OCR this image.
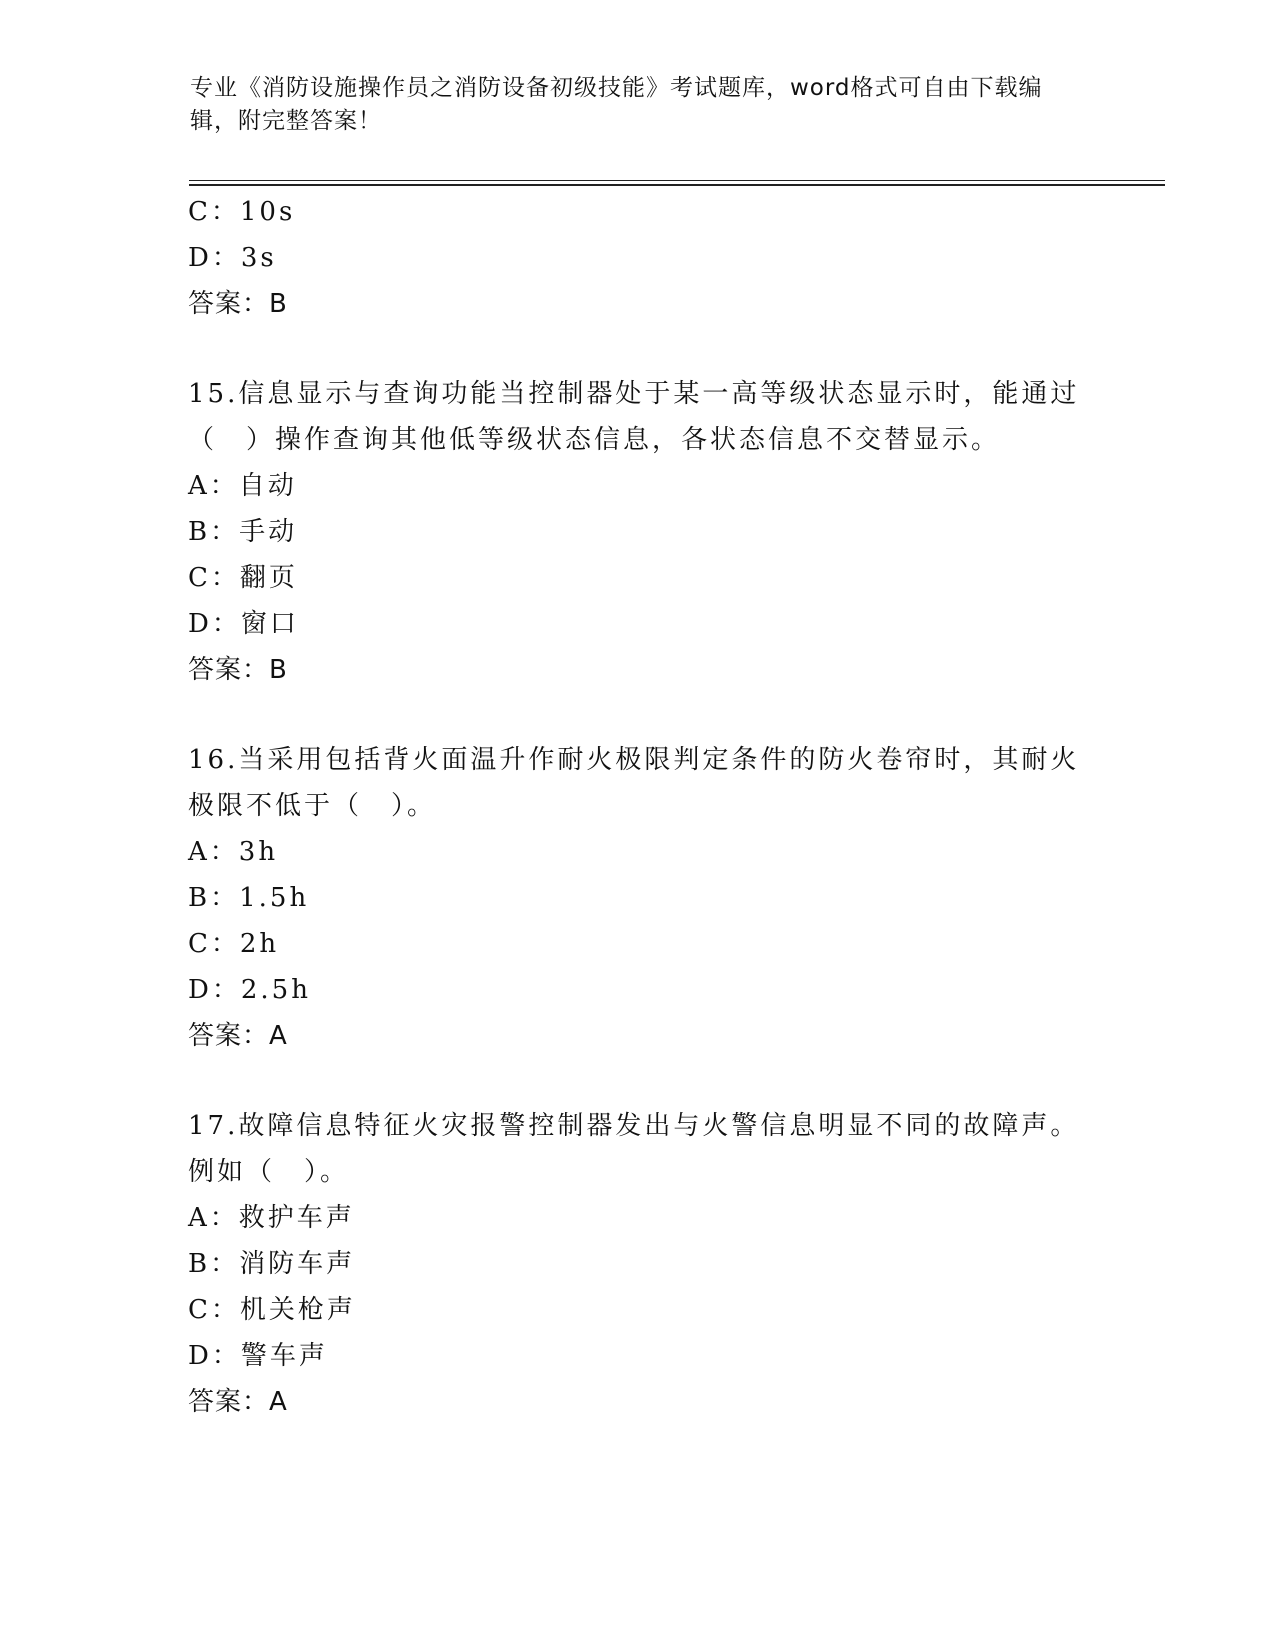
专业《消防设施操作员之消防设备初级技能》考试题库，word格式可自由下载编
辑，附完整答案！
C：10s
D：3s
答案：B
15.信息显示与查询功能当控制器处于某一高等级状态显示时，能通过
（　）操作查询其他低等级状态信息，各状态信息不交替显示。
A：自动
B：手动
C：翻页
D：窗口
答案：B
16.当采用包括背火面温升作耐火极限判定条件的防火卷帘时，其耐火
极限不低于（　）。
A：3h
B：1.5h
C：2h
D：2.5h
答案：A
17.故障信息特征火灾报警控制器发出与火警信息明显不同的故障声。
例如（　）。
A：救护车声
B：消防车声
C：机关枪声
D：警车声
答案：A
